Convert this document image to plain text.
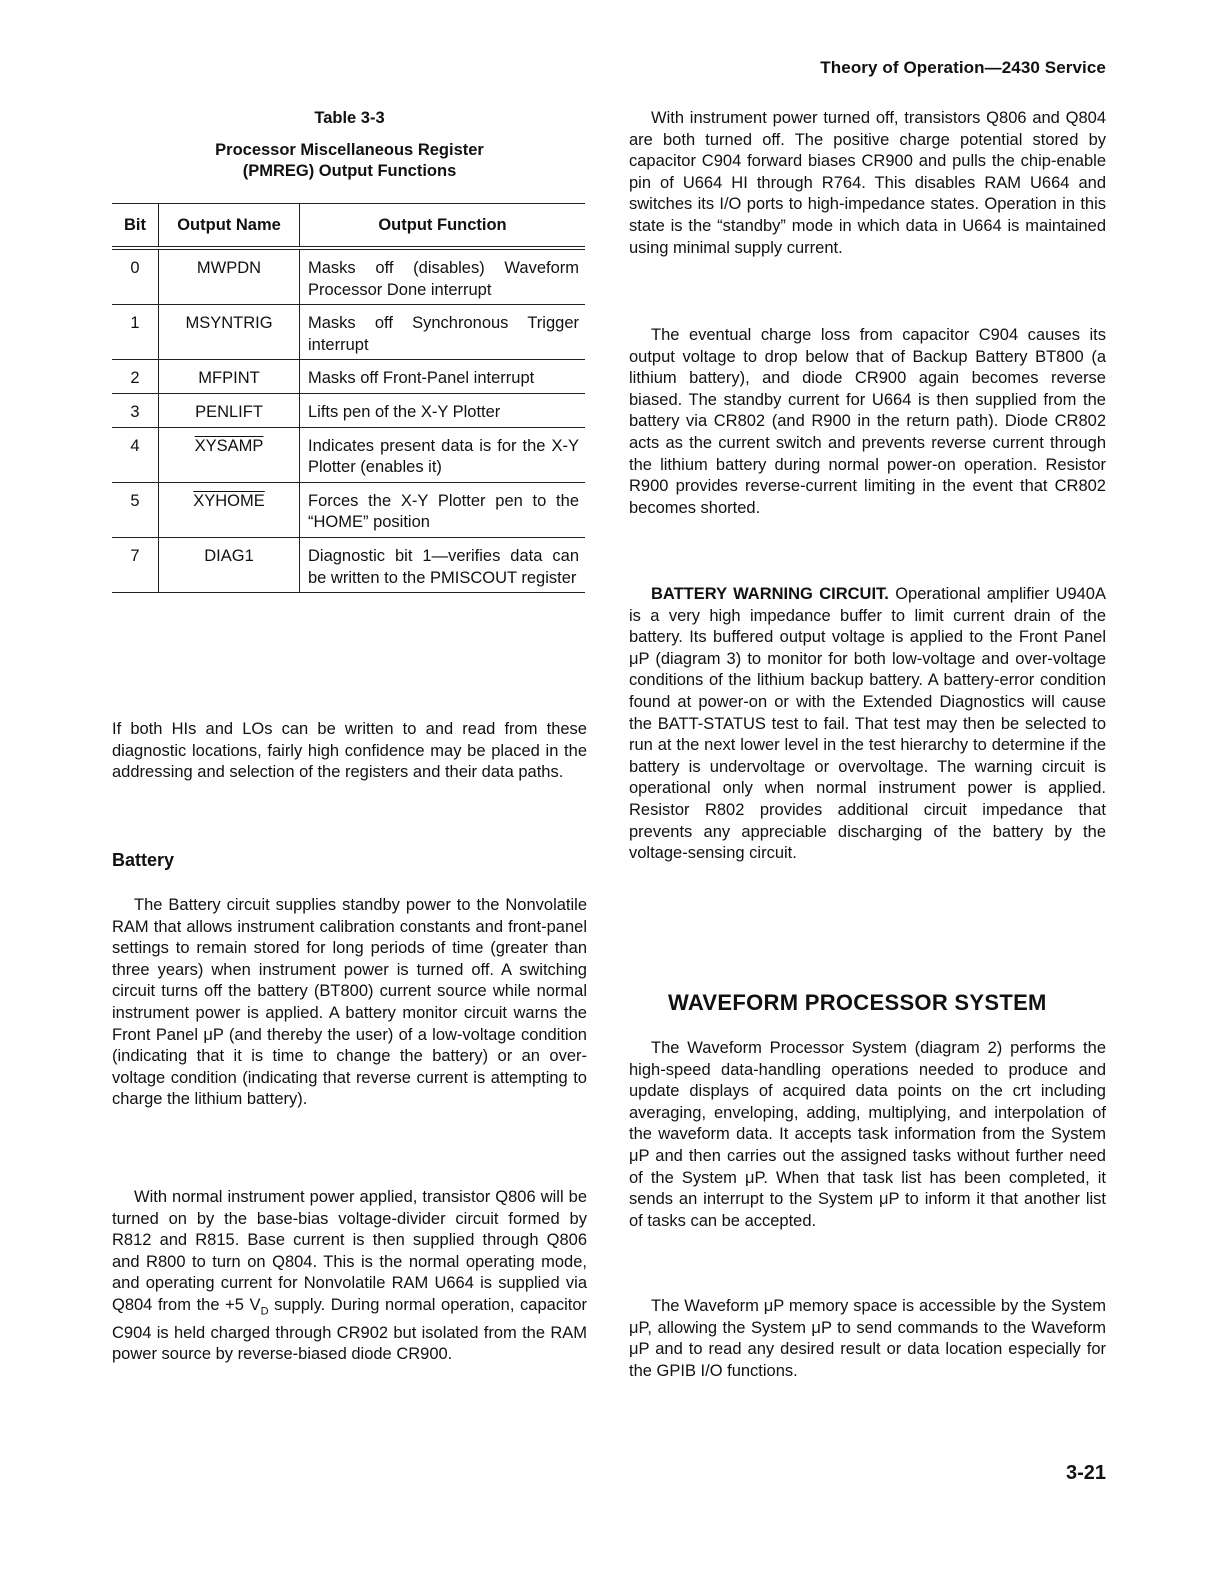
Theory of Operation—2430 Service
Table 3-3
Processor Miscellaneous Register
(PMREG) Output Functions
Bit	Output Name	Output Function
0	MWPDN	Masks off (disables) Waveform Processor Done interrupt
1	MSYNTRIG	Masks off Synchronous Trigger interrupt
2	MFPINT	Masks off Front-Panel interrupt
3	PENLIFT	Lifts pen of the X-Y Plotter
4	XYSAMP	Indicates present data is for the X-Y Plotter (enables it)
5	XYHOME	Forces the X-Y Plotter pen to the “HOME” position
7	DIAG1	Diagnostic bit 1—verifies data can be written to the PMISCOUT register

If both HIs and LOs can be written to and read from these diagnostic locations, fairly high confidence may be placed in the addressing and selection of the registers and their data paths.

Battery

The Battery circuit supplies standby power to the Nonvolatile RAM that allows instrument calibration constants and front-panel settings to remain stored for long periods of time (greater than three years) when instrument power is turned off. A switching circuit turns off the battery (BT800) current source while normal instrument power is applied. A battery monitor circuit warns the Front Panel μP (and thereby the user) of a low-voltage condition (indicating that it is time to change the battery) or an over-voltage condition (indicating that reverse current is attempting to charge the lithium battery).

With normal instrument power applied, transistor Q806 will be turned on by the base-bias voltage-divider circuit formed by R812 and R815. Base current is then supplied through Q806 and R800 to turn on Q804. This is the normal operating mode, and operating current for Nonvolatile RAM U664 is supplied via Q804 from the +5 $V_D$ supply. During normal operation, capacitor C904 is held charged through CR902 but isolated from the RAM power source by reverse-biased diode CR900.

With instrument power turned off, transistors Q806 and Q804 are both turned off. The positive charge potential stored by capacitor C904 forward biases CR900 and pulls the chip-enable pin of U664 HI through R764. This disables RAM U664 and switches its I/O ports to high-impedance states. Operation in this state is the “standby” mode in which data in U664 is maintained using minimal supply current.

The eventual charge loss from capacitor C904 causes its output voltage to drop below that of Backup Battery BT800 (a lithium battery), and diode CR900 again becomes reverse biased. The standby current for U664 is then supplied from the battery via CR802 (and R900 in the return path). Diode CR802 acts as the current switch and prevents reverse current through the lithium battery during normal power-on operation. Resistor R900 provides reverse-current limiting in the event that CR802 becomes shorted.

BATTERY WARNING CIRCUIT. Operational amplifier U940A is a very high impedance buffer to limit current drain of the battery. Its buffered output voltage is applied to the Front Panel μP (diagram 3) to monitor for both low-voltage and over-voltage conditions of the lithium backup battery. A battery-error condition found at power-on or with the Extended Diagnostics will cause the BATT-STATUS test to fail. That test may then be selected to run at the next lower level in the test hierarchy to determine if the battery is undervoltage or overvoltage. The warning circuit is operational only when normal instrument power is applied. Resistor R802 provides additional circuit impedance that prevents any appreciable discharging of the battery by the voltage-sensing circuit.

WAVEFORM PROCESSOR SYSTEM

The Waveform Processor System (diagram 2) performs the high-speed data-handling operations needed to produce and update displays of acquired data points on the crt including averaging, enveloping, adding, multiplying, and interpolation of the waveform data. It accepts task information from the System μP and then carries out the assigned tasks without further need of the System μP. When that task list has been completed, it sends an interrupt to the System μP to inform it that another list of tasks can be accepted.

The Waveform μP memory space is accessible by the System μP, allowing the System μP to send commands to the Waveform μP and to read any desired result or data location especially for the GPIB I/O functions.

3-21
